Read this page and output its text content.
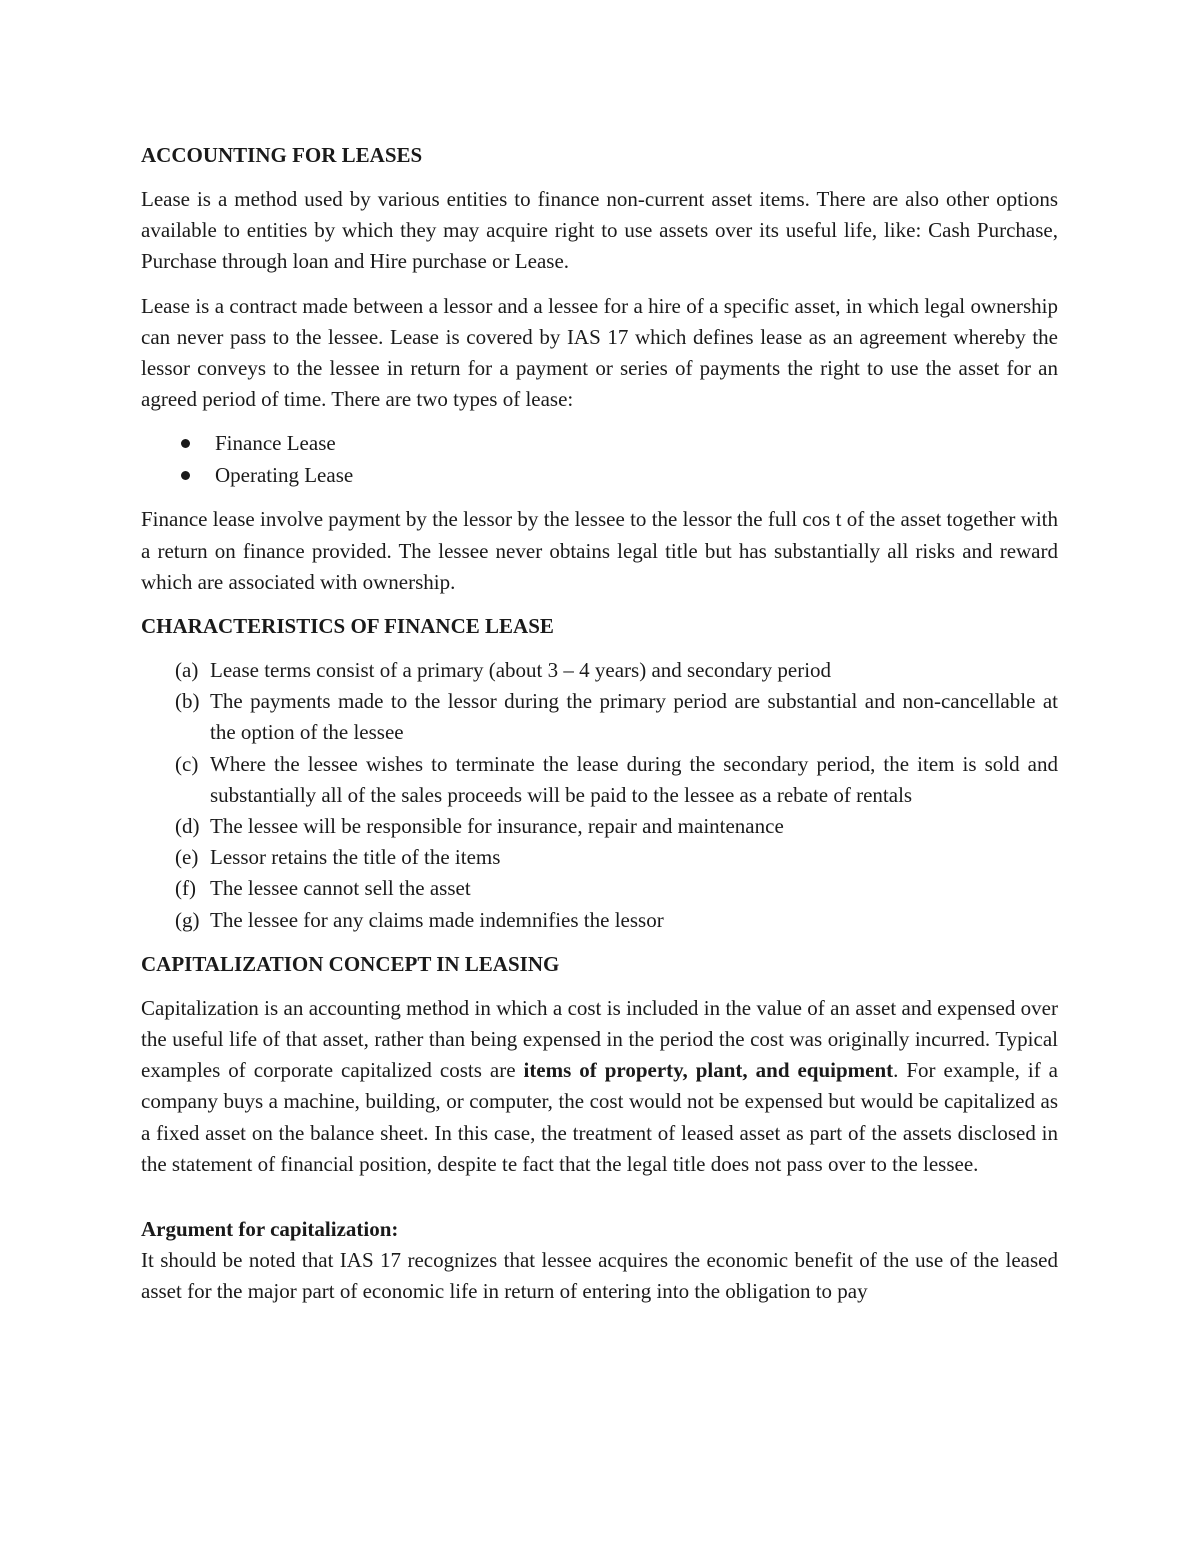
ACCOUNTING FOR LEASES

Lease is a method used by various entities to finance non-current asset items. There are also other options available to entities by which they may acquire right to use assets over its useful life, like: Cash Purchase, Purchase through loan and Hire purchase or Lease.

Lease is a contract made between a lessor and a lessee for a hire of a specific asset, in which legal ownership can never pass to the lessee. Lease is covered by IAS 17 which defines lease as an agreement whereby the lessor conveys to the lessee in return for a payment or series of payments the right to use the asset for an agreed period of time. There are two types of lease:

Finance Lease
Operating Lease

Finance lease involve payment by the lessor by the lessee to the lessor the full cos t of the asset together with a return on finance provided. The lessee never obtains legal title but has substantially all risks and reward which are associated with ownership.

CHARACTERISTICS OF FINANCE LEASE
(a) Lease terms consist of a primary (about 3 – 4 years) and secondary period
(b) The payments made to the lessor during the primary period are substantial and non-cancellable at the option of the lessee
(c) Where the lessee wishes to terminate the lease during the secondary period, the item is sold and substantially all of the sales proceeds will be paid to the lessee as a rebate of rentals
(d) The lessee will be responsible for insurance, repair and maintenance
(e) Lessor retains the title of the items
(f) The lessee cannot sell the asset
(g) The lessee for any claims made indemnifies the lessor
CAPITALIZATION CONCEPT IN LEASING

Capitalization is an accounting method in which a cost is included in the value of an asset and expensed over the useful life of that asset, rather than being expensed in the period the cost was originally incurred. Typical examples of corporate capitalized costs are items of property, plant, and equipment. For example, if a company buys a machine, building, or computer, the cost would not be expensed but would be capitalized as a fixed asset on the balance sheet. In this case, the treatment of leased asset as part of the assets disclosed in the statement of financial position, despite te fact that the legal title does not pass over to the lessee.

Argument for capitalization:

It should be noted that IAS 17 recognizes that lessee acquires the economic benefit of the use of the leased asset for the major part of economic life in return of entering into the obligation to pay
